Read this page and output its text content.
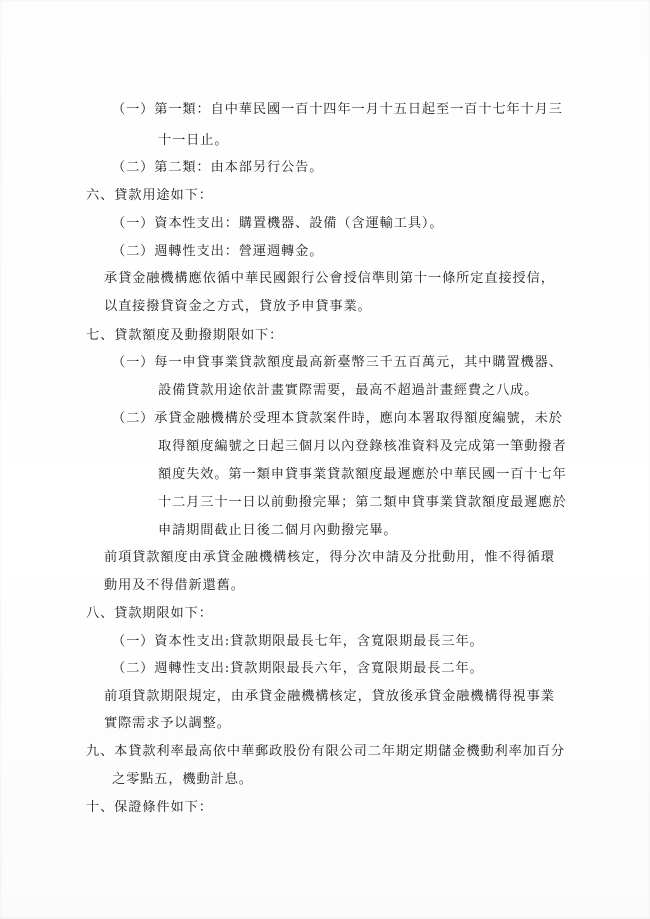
（一）第一類：自中華民國一百十四年一月十五日起至一百十七年十月三
十一日止。
（二）第二類：由本部另行公告。
六、貸款用途如下：
（一）資本性支出：購置機器、設備（含運輸工具）。
（二）週轉性支出：營運週轉金。
承貸金融機構應依循中華民國銀行公會授信準則第十一條所定直接授信，
以直接撥貸資金之方式，貸放予申貸事業。
七、貸款額度及動撥期限如下：
（一）每一申貸事業貸款額度最高新臺幣三千五百萬元，其中購置機器、
設備貸款用途依計畫實際需要，最高不超過計畫經費之八成。
（二）承貸金融機構於受理本貸款案件時，應向本署取得額度編號，未於
取得額度編號之日起三個月以內登錄核准資料及完成第一筆動撥者
額度失效。第一類申貸事業貸款額度最遲應於中華民國一百十七年
十二月三十一日以前動撥完畢；第二類申貸事業貸款額度最遲應於
申請期間截止日後二個月內動撥完畢。
前項貸款額度由承貸金融機構核定，得分次申請及分批動用，惟不得循環
動用及不得借新還舊。
八、貸款期限如下：
（一）資本性支出:貸款期限最長七年，含寬限期最長三年。
（二）週轉性支出:貸款期限最長六年，含寬限期最長二年。
前項貸款期限規定，由承貸金融機構核定，貸放後承貸金融機構得視事業
實際需求予以調整。
九、本貸款利率最高依中華郵政股份有限公司二年期定期儲金機動利率加百分
之零點五，機動計息。
十、保證條件如下：
